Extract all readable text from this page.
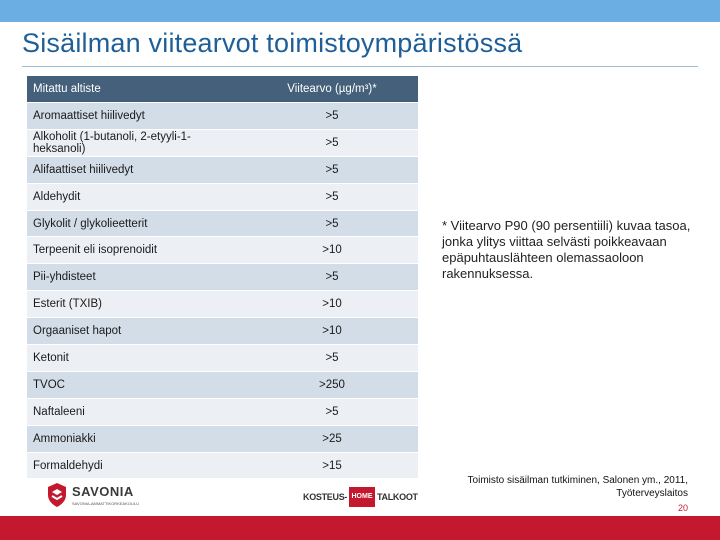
Sisäilman viitearvot toimistoympäristössä
Mitattu altiste	Viitearvo (µg/m³)*
Aromaattiset hiilivedyt	>5
Alkoholit (1-butanoli, 2-etyyli-1-heksanoli)	>5
Alifaattiset hiilivedyt	>5
Aldehydit	>5
Glykolit / glykolieetterit	>5
Terpeenit eli isoprenoidit	>10
Pii-yhdisteet	>5
Esterit (TXIB)	>10
Orgaaniset hapot	>10
Ketonit	>5
TVOC	>250
Naftaleeni	>5
Ammoniakki	>25
Formaldehydi	>15
* Viitearvo P90 (90 persentiili) kuvaa tasoa, jonka ylitys viittaa selvästi poikkeavaan epäpuhtauslähteen olemassaoloon rakennuksessa.
Toimisto sisäilman tutkiminen, Salonen ym., 2011,
Työterveyslaitos
20
SAVONIA
SAVONIA-AMMATTIKORKEAKOULU
KOSTEUS- HOME TALKOOT
